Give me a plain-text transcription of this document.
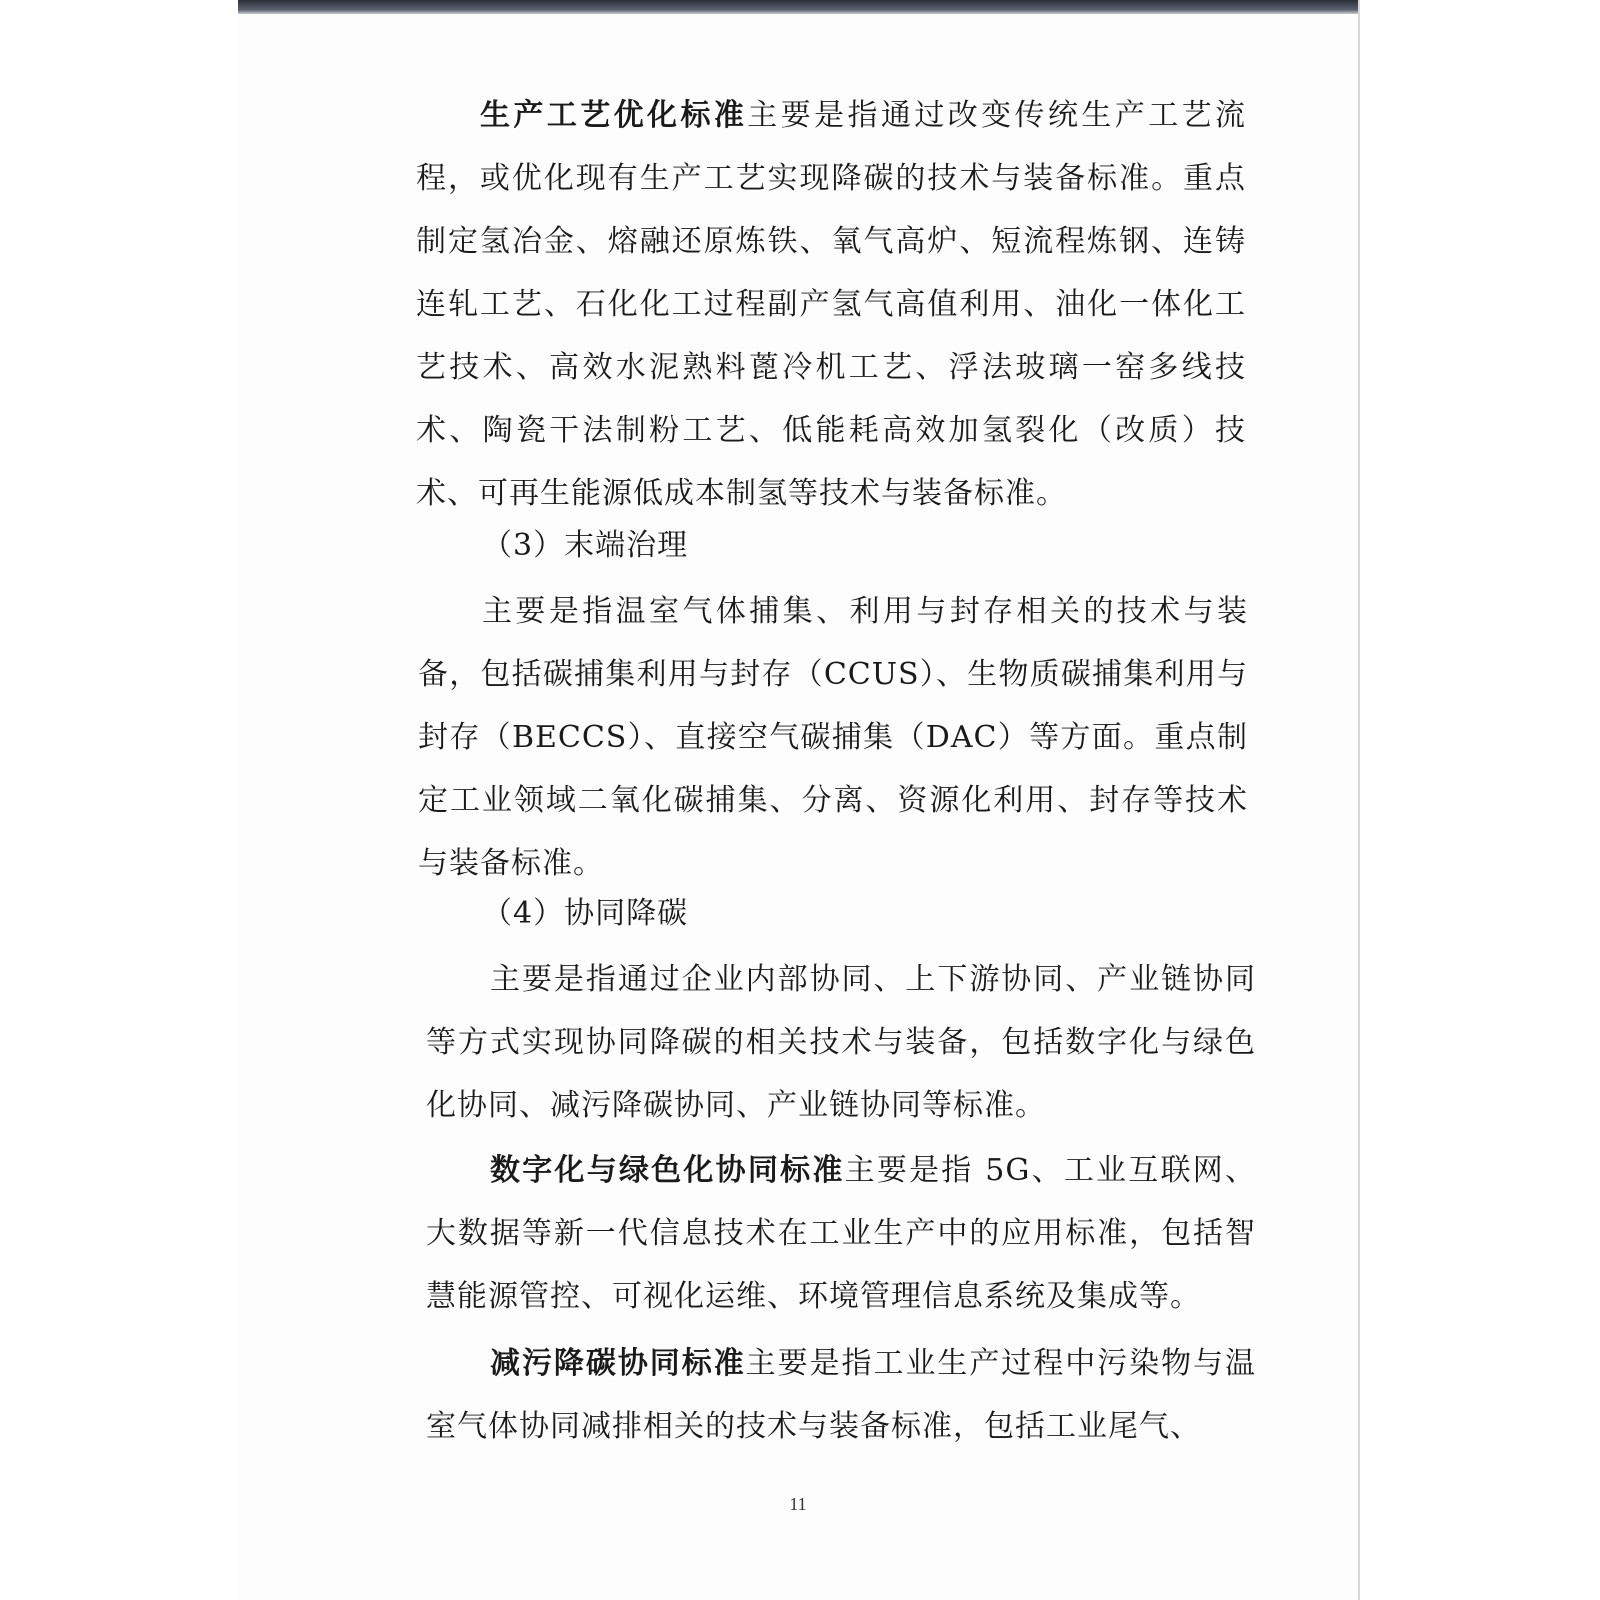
生产工艺优化标准主要是指通过改变传统生产工艺流程，或优化现有生产工艺实现降碳的技术与装备标准。重点制定氢冶金、熔融还原炼铁、氧气高炉、短流程炼钢、连铸连轧工艺、石化化工过程副产氢气高值利用、油化一体化工艺技术、高效水泥熟料蓖冷机工艺、浮法玻璃一窑多线技术、陶瓷干法制粉工艺、低能耗高效加氢裂化（改质）技术、可再生能源低成本制氢等技术与装备标准。

（3）末端治理

主要是指温室气体捕集、利用与封存相关的技术与装备，包括碳捕集利用与封存（CCUS）、生物质碳捕集利用与封存（BECCS）、直接空气碳捕集（DAC）等方面。重点制定工业领域二氧化碳捕集、分离、资源化利用、封存等技术与装备标准。

（4）协同降碳

主要是指通过企业内部协同、上下游协同、产业链协同等方式实现协同降碳的相关技术与装备，包括数字化与绿色化协同、减污降碳协同、产业链协同等标准。

数字化与绿色化协同标准主要是指 5G、工业互联网、大数据等新一代信息技术在工业生产中的应用标准，包括智慧能源管控、可视化运维、环境管理信息系统及集成等。

减污降碳协同标准主要是指工业生产过程中污染物与温室气体协同减排相关的技术与装备标准，包括工业尾气、

11
